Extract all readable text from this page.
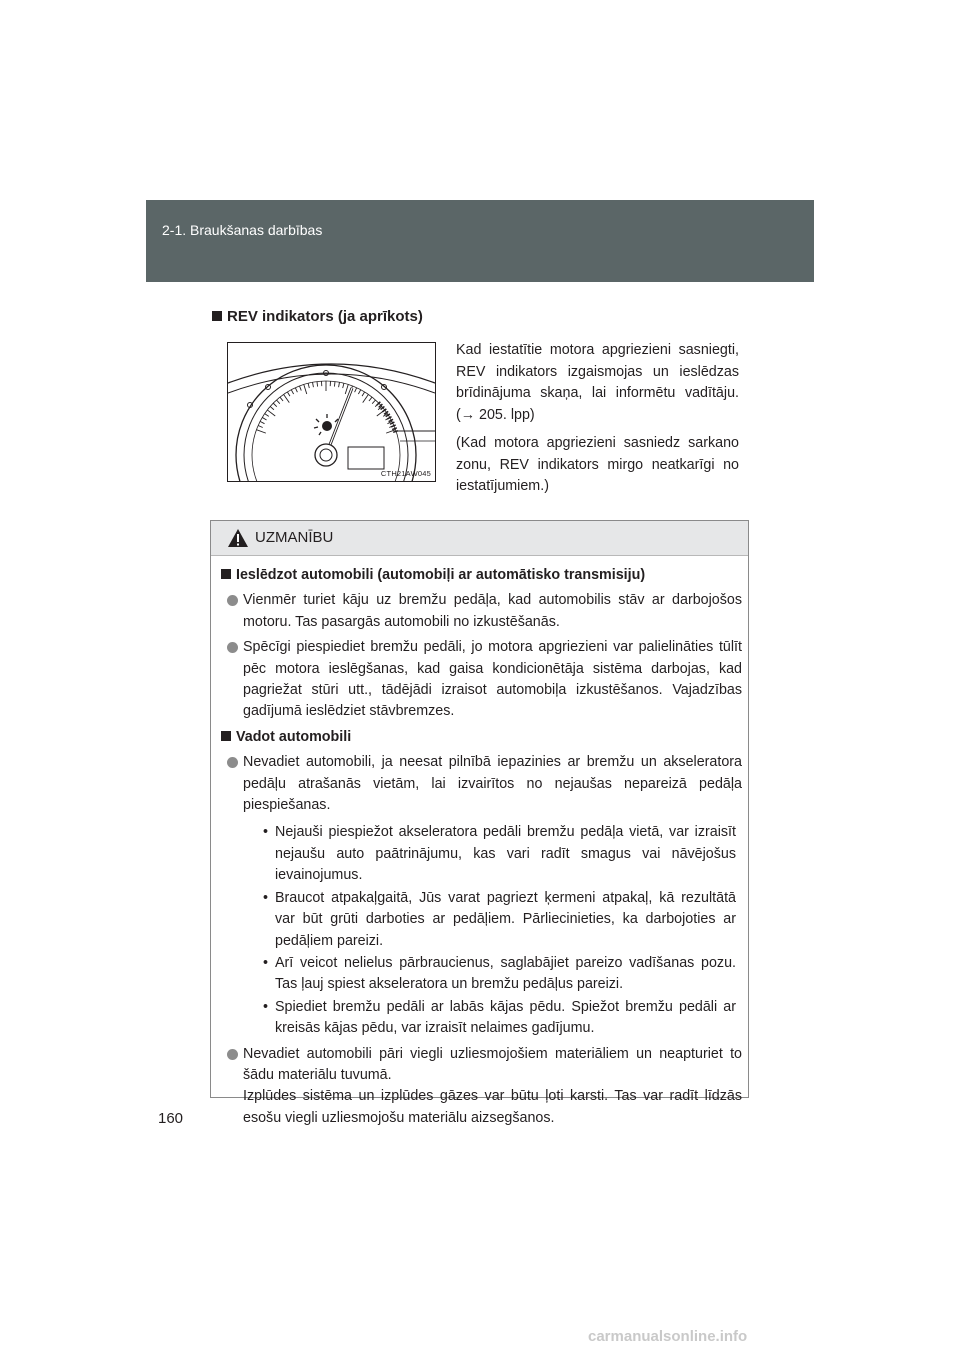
2-1. Braukšanas darbības
REV indikators (ja aprīkots)
CTH21AW045

Kad iestatītie motora apgriezieni sasniegti, REV indikators izgaismojas un ieslēdzas brīdinājuma skaņa, lai informētu vadītāju. (→ 205. lpp)

(Kad motora apgriezieni sasniedz sarkano zonu, REV indikators mirgo neatkarīgi no iestatījumiem.)

UZMANĪBU
Ieslēdzot automobili (automobiļi ar automātisko transmisiju)
Vienmēr turiet kāju uz bremžu pedāļa, kad automobilis stāv ar darbojošos motoru. Tas pasargās automobili no izkustēšanās.
Spēcīgi piespiediet bremžu pedāli, jo motora apgriezieni var palielināties tūlīt pēc motora ieslēgšanas, kad gaisa kondicionētāja sistēma darbojas, kad pagriežat stūri utt., tādējādi izraisot automobiļa izkustēšanos. Vajadzības gadījumā ieslēdziet stāvbremzes.
Vadot automobili
Nevadiet automobili, ja neesat pilnībā iepazinies ar bremžu un akseleratora pedāļu atrašanās vietām, lai izvairītos no nejaušas nepareizā pedāļa piespiešanas.
• Nejauši piespiežot akseleratora pedāli bremžu pedāļa vietā, var izraisīt nejaušu auto paātrinājumu, kas vari radīt smagus vai nāvējošus ievainojumus.
• Braucot atpakaļgaitā, Jūs varat pagriezt ķermeni atpakaļ, kā rezultātā var būt grūti darboties ar pedāļiem. Pārliecinieties, ka darbojoties ar pedāļiem pareizi.
• Arī veicot nelielus pārbraucienus, saglabājiet pareizo vadīšanas pozu. Tas ļauj spiest akseleratora un bremžu pedāļus pareizi.
• Spiediet bremžu pedāli ar labās kājas pēdu. Spiežot bremžu pedāli ar kreisās kājas pēdu, var izraisīt nelaimes gadījumu.
Nevadiet automobili pāri viegli uzliesmojošiem materiāliem un neapturiet to šādu materiālu tuvumā.
Izplūdes sistēma un izplūdes gāzes var būtu ļoti karsti. Tas var radīt līdzās esošu viegli uzliesmojošu materiālu aizsegšanos.
160
carmanualsonline.info
